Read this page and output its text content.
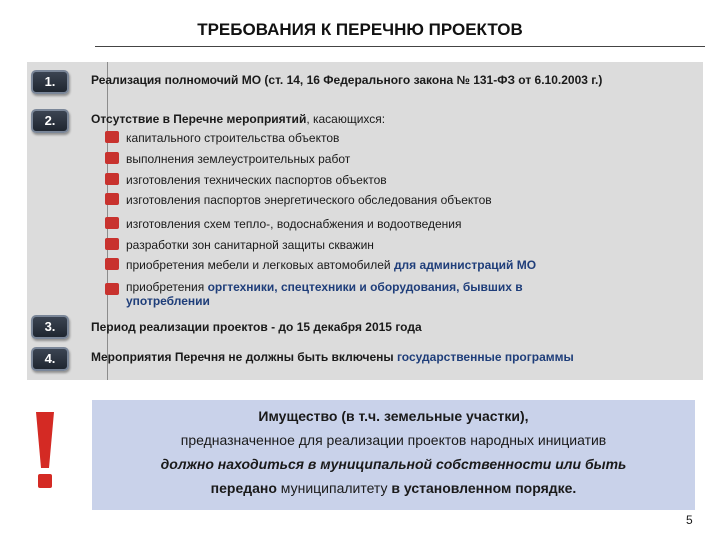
ТРЕБОВАНИЯ К ПЕРЕЧНЮ ПРОЕКТОВ
1.	Реализация полномочий МО (ст. 14, 16 Федерального закона № 131-ФЗ от 6.10.2003 г.)
2.	Отсутствие в Перечне мероприятий, касающихся:
капитального строительства объектов
выполнения землеустроительных работ
изготовления технических паспортов объектов
изготовления паспортов энергетического обследования объектов
изготовления схем тепло-, водоснабжения и водоотведения
разработки зон санитарной защиты скважин
приобретения мебели и легковых автомобилей для администраций МО
приобретения оргтехники, спецтехники и оборудования, бывших в
употреблении
3.	Период реализации проектов - до 15 декабря 2015 года
4.	Мероприятия Перечня не должны быть включены государственные программы
Имущество (в т.ч. земельные участки),
предназначенное для реализации проектов народных инициатив
должно находиться в муниципальной собственности или быть
передано муниципалитету в установленном порядке.
5
